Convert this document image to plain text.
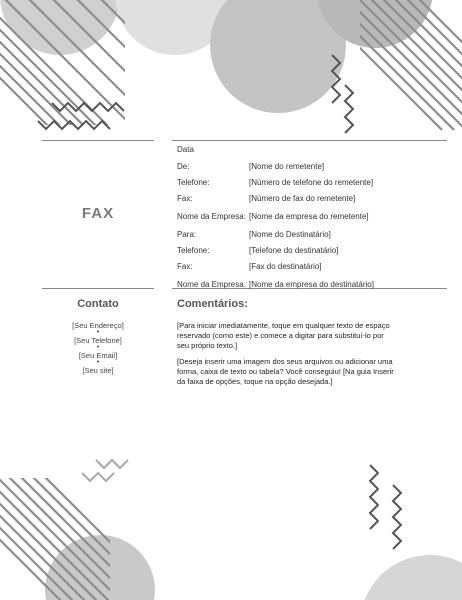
FAX
Data
De:	[Nome do remetente]
Telefone:	[Número de telefone do remetente]
Fax:	[Número de fax do remetente]
Nome da Empresa: [Nome da empresa do remetente]
Para:	[Nome do Destinatário]
Telefone:	[Telefone do destinatário]
Fax:	[Fax do destinatário]
Nome da Empresa: [Nome da empresa do destinatário]
Contato
[Seu Endereço]
•
[Seu Telefone]
•
[Seu Email]
•
[Seu site]
Comentários:

[Para iniciar imediatamente, toque em qualquer texto de espaço reservado (como este) e comece a digitar para substituí-lo por seu próprio texto.]

[Deseja inserir uma imagem dos seus arquivos ou adicionar uma forma, caixa de texto ou tabela? Você conseguiu! [Na guia Inserir da faixa de opções, toque na opção desejada.]
